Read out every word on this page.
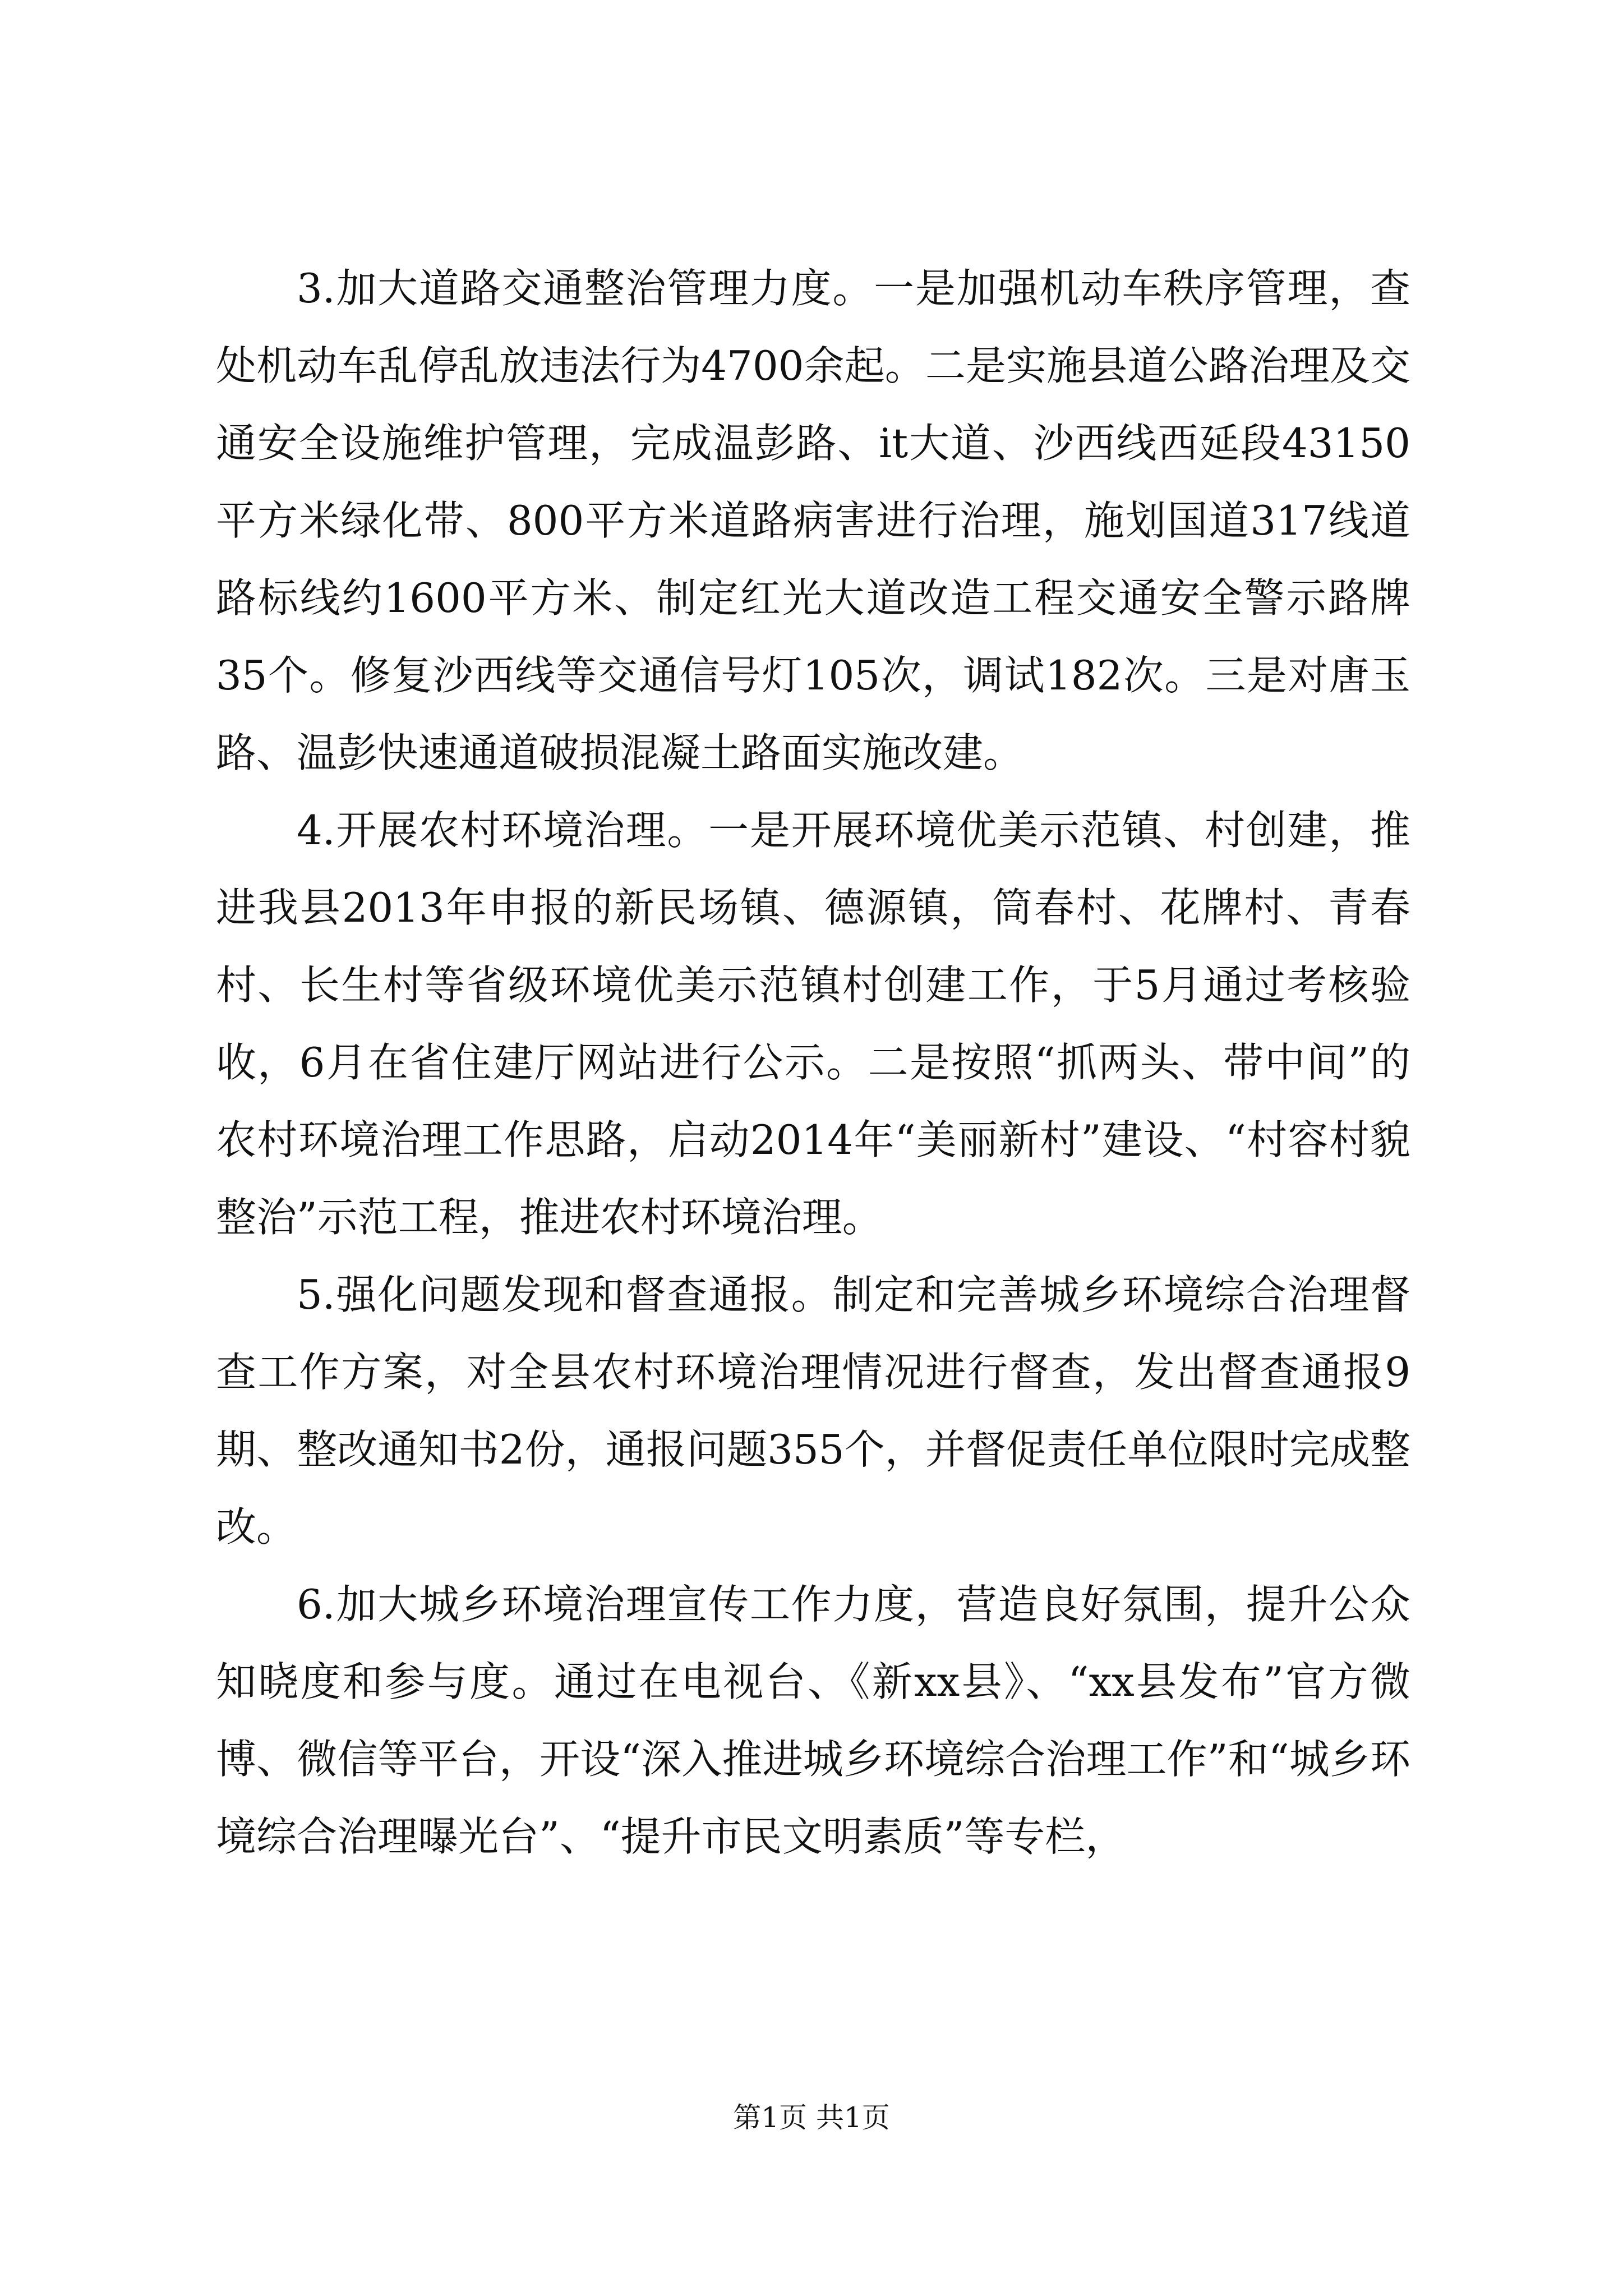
3.加大道路交通整治管理力度。一是加强机动车秩序管理，查处机动车乱停乱放违法行为4700余起。二是实施县道公路治理及交通安全设施维护管理，完成温彭路、it大道、沙西线西延段43150平方米绿化带、800平方米道路病害进行治理，施划国道317线道路标线约1600平方米、制定红光大道改造工程交通安全警示路牌35个。修复沙西线等交通信号灯105次，调试182次。三是对唐玉路、温彭快速通道破损混凝土路面实施改建。

4.开展农村环境治理。一是开展环境优美示范镇、村创建，推进我县2013年申报的新民场镇、德源镇，筒春村、花牌村、青春村、长生村等省级环境优美示范镇村创建工作，于5月通过考核验收，6月在省住建厅网站进行公示。二是按照“抓两头、带中间”的农村环境治理工作思路，启动2014年“美丽新村”建设、“村容村貌整治”示范工程，推进农村环境治理。

5.强化问题发现和督查通报。制定和完善城乡环境综合治理督查工作方案，对全县农村环境治理情况进行督查，发出督查通报9期、整改通知书2份，通报问题355个，并督促责任单位限时完成整改。

6.加大城乡环境治理宣传工作力度，营造良好氛围，提升公众知晓度和参与度。通过在电视台、《新xx县》、“xx县发布”官方微博、微信等平台，开设“深入推进城乡环境综合治理工作”和“城乡环境综合治理曝光台”、“提升市民文明素质”等专栏，

第1页 共1页
